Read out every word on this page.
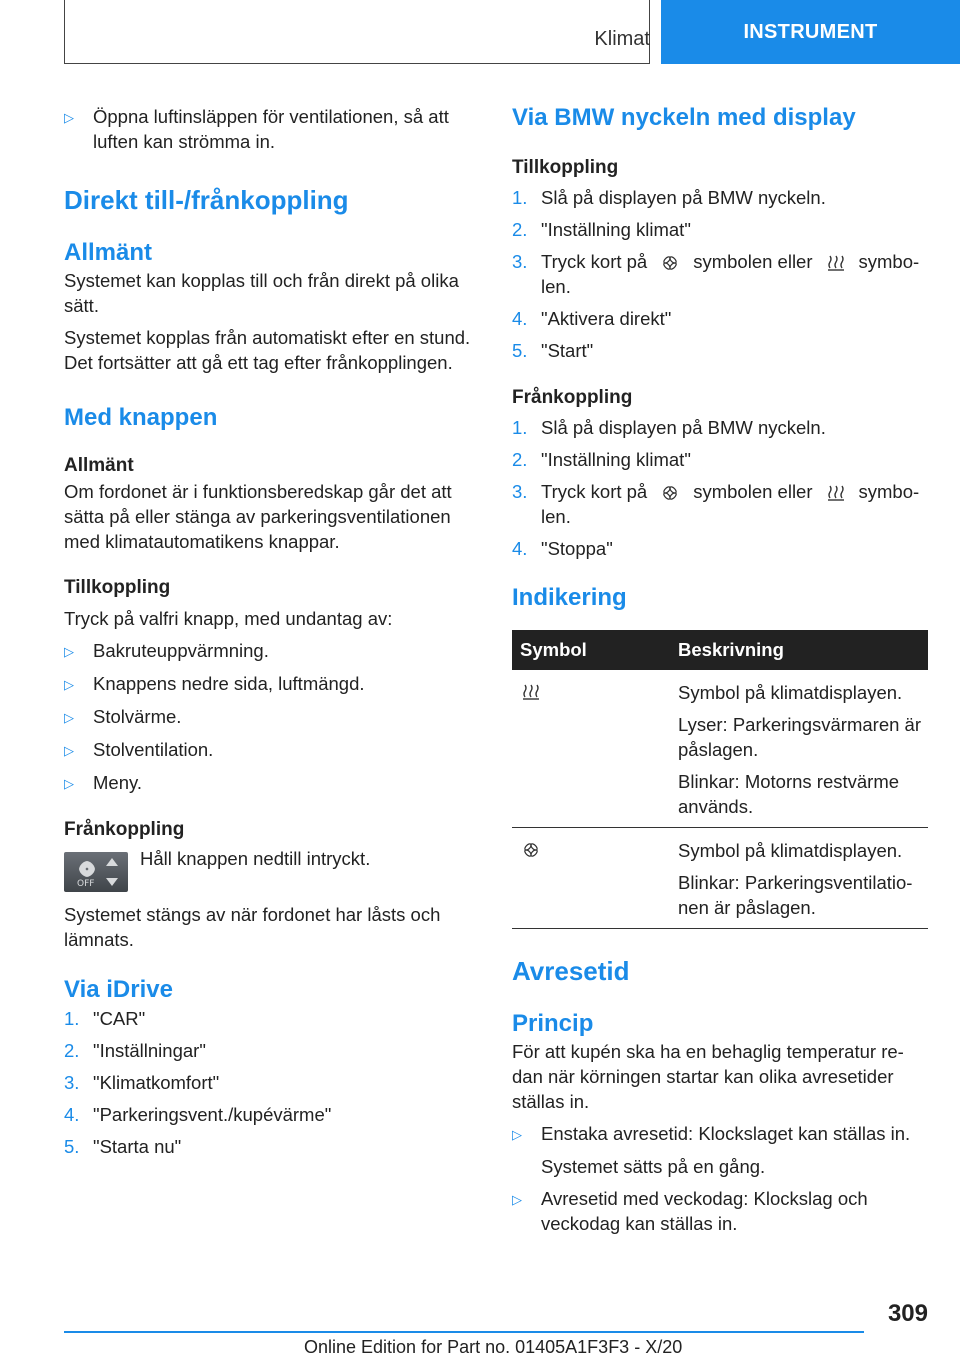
Klimat	INSTRUMENT
▷	Öppna luftinsläppen för ventilationen, så att luften kan strömma in.
Direkt till-/frånkoppling
Allmänt

Systemet kan kopplas till och från direkt på olika sätt.

Systemet kopplas från automatiskt efter en stund. Det fortsätter att gå ett tag efter frånkopplingen.

Med knappen
Allmänt

Om fordonet är i funktionsberedskap går det att sätta på eller stänga av parkeringsventilationen med klimatautomatikens knappar.

Tillkoppling

Tryck på valfri knapp, med undantag av:

▷	Bakruteuppvärmning.
▷	Knappens nedre sida, luftmängd.
▷	Stolvärme.
▷	Stolventilation.
▷	Meny.
Frånkoppling
OFF

Håll knappen nedtill intryckt.

Systemet stängs av när fordonet har låsts och lämnats.

Via iDrive
1. "CAR"
2. "Inställningar"
3. "Klimatkomfort"
4. "Parkeringsvent./kupévärme"
5. "Starta nu"
Via BMW nyckeln med display
Tillkoppling
1. Slå på displayen på BMW nyckeln.
2. "Inställning klimat"
3. Tryck kort på symbolen eller symbolen.
4. "Aktivera direkt"
5. "Start"
Frånkoppling
1. Slå på displayen på BMW nyckeln.
2. "Inställning klimat"
3. Tryck kort på symbolen eller symbolen.
4. "Stoppa"
Indikering
Symbol	Beskrivning

Symbol på klimatdisplayen.
Lyser: Parkeringsvärmaren är påslagen.
Blinkar: Motorns restvärme används.

Symbol på klimatdisplayen.
Blinkar: Parkeringsventilationen är påslagen.
Avresetid
Princip

För att kupén ska ha en behaglig temperatur redan när körningen startar kan olika avresetider ställas in.

▷	Enstaka avresetid: Klockslaget kan ställas in.

Systemet sätts på en gång.

▷	Avresetid med veckodag: Klockslag och veckodag kan ställas in.
309
Online Edition for Part no. 01405A1F3F3 - X/20
